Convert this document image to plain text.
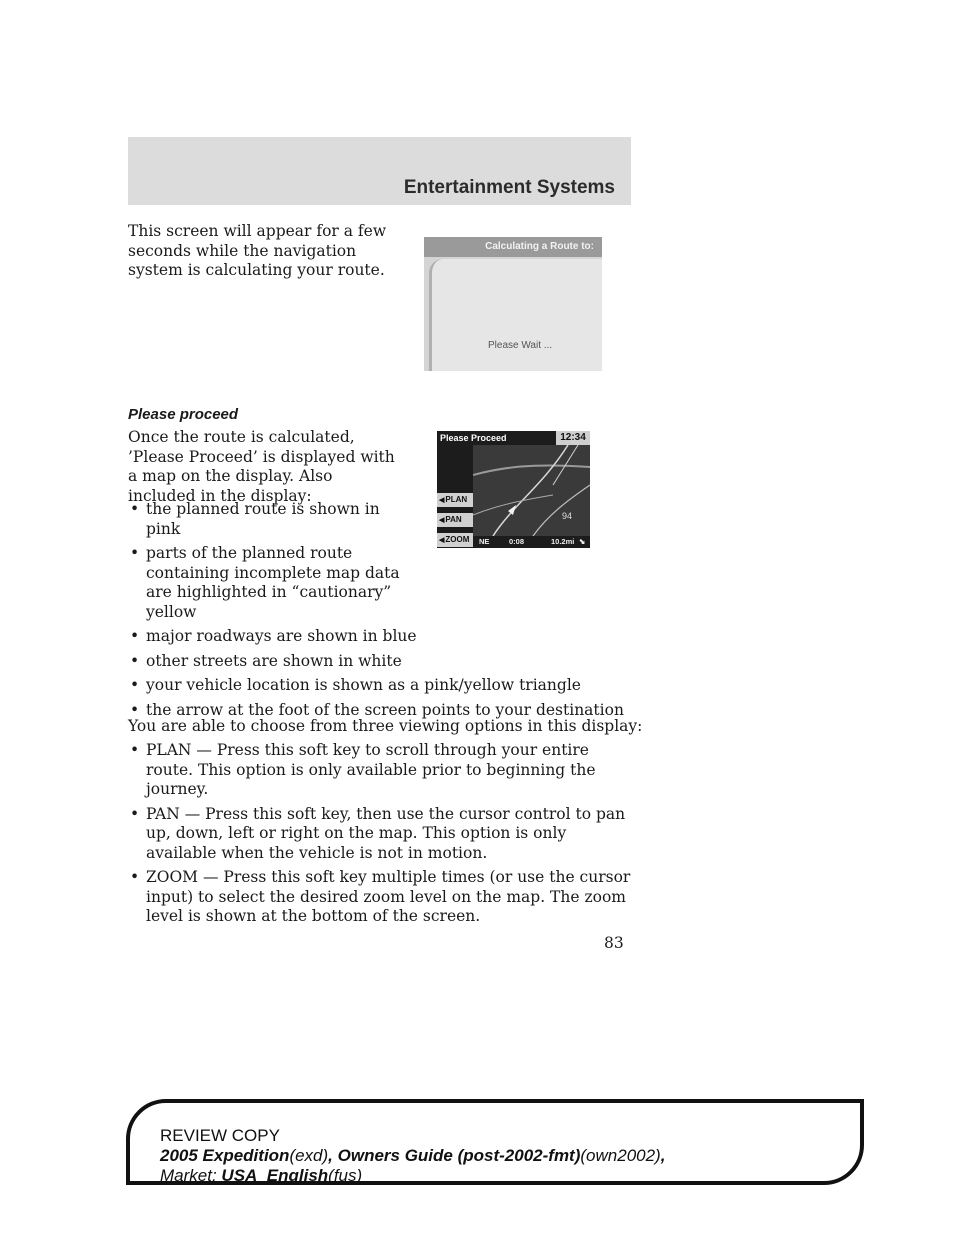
Entertainment Systems
This screen will appear for a few seconds while the navigation system is calculating your route.
Calculating a Route to:
Please Wait ...
Please proceed
Once the route is calculated, ’Please Proceed’ is displayed with a map on the display. Also included in the display:
Please Proceed	12:34
◀ PLAN
◀ PAN
◀ ZOOM
94
NE	0:08	10.2mi ⬊
• the planned route is shown in pink
• parts of the planned route containing incomplete map data are highlighted in “cautionary” yellow
• major roadways are shown in blue
• other streets are shown in white
• your vehicle location is shown as a pink/yellow triangle
• the arrow at the foot of the screen points to your destination
You are able to choose from three viewing options in this display:
• PLAN — Press this soft key to scroll through your entire route. This option is only available prior to beginning the journey.
• PAN — Press this soft key, then use the cursor control to pan up, down, left or right on the map. This option is only available when the vehicle is not in motion.
• ZOOM — Press this soft key multiple times (or use the cursor input) to select the desired zoom level on the map. The zoom level is shown at the bottom of the screen.
83
REVIEW COPY
2005 Expedition(exd), Owners Guide (post-2002-fmt)(own2002),
Market: USA_English(fus)
